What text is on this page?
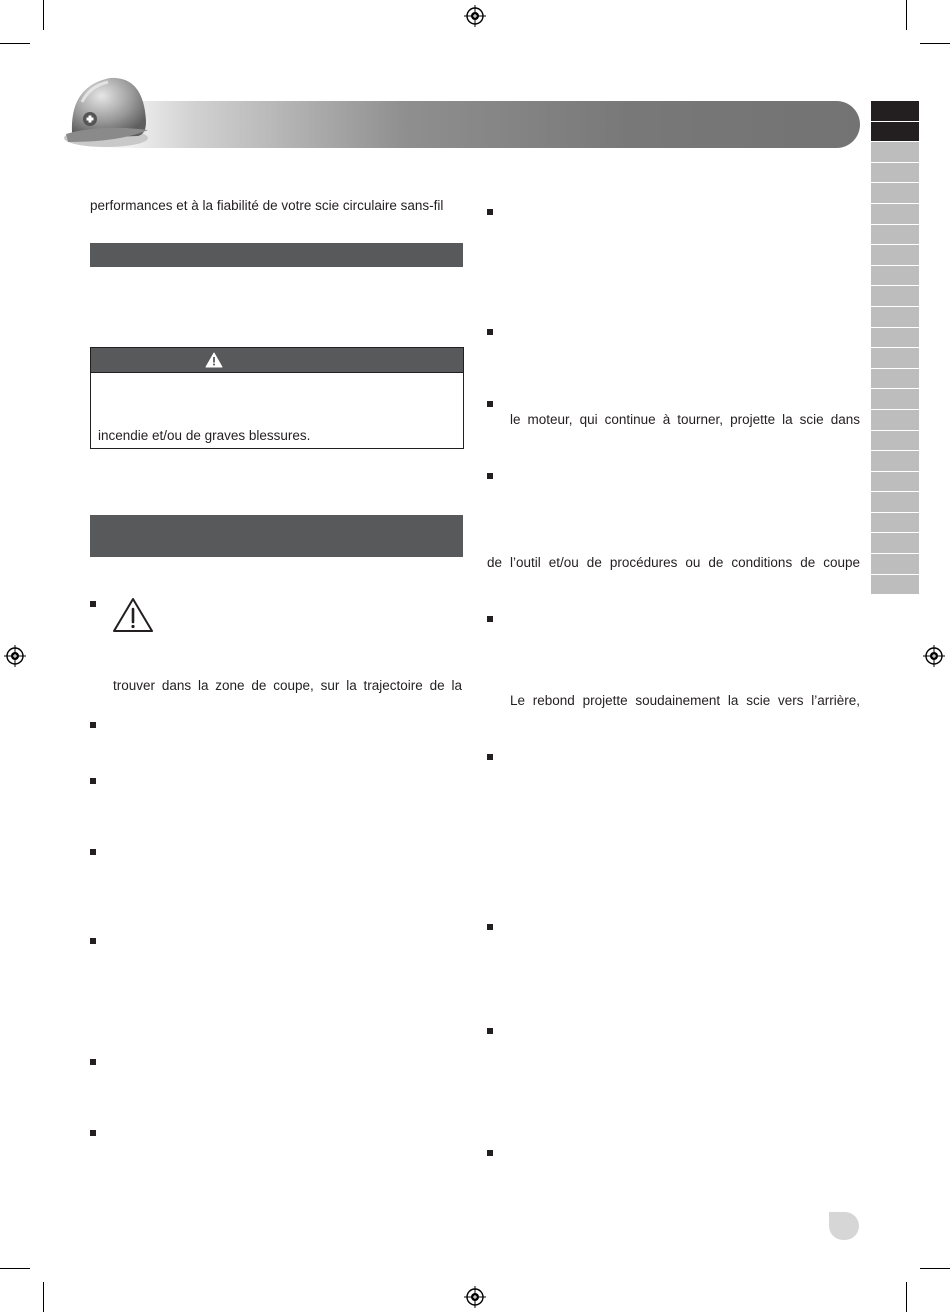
performances et à la fiabilité de votre scie circulaire sans-fil
incendie et/ou de graves blessures.
trouver dans la zone de coupe, sur la trajectoire de la
le moteur, qui continue à tourner, projette la scie dans
de l’outil et/ou de procédures ou de conditions de coupe
Le rebond projette soudainement la scie vers l’arrière,
